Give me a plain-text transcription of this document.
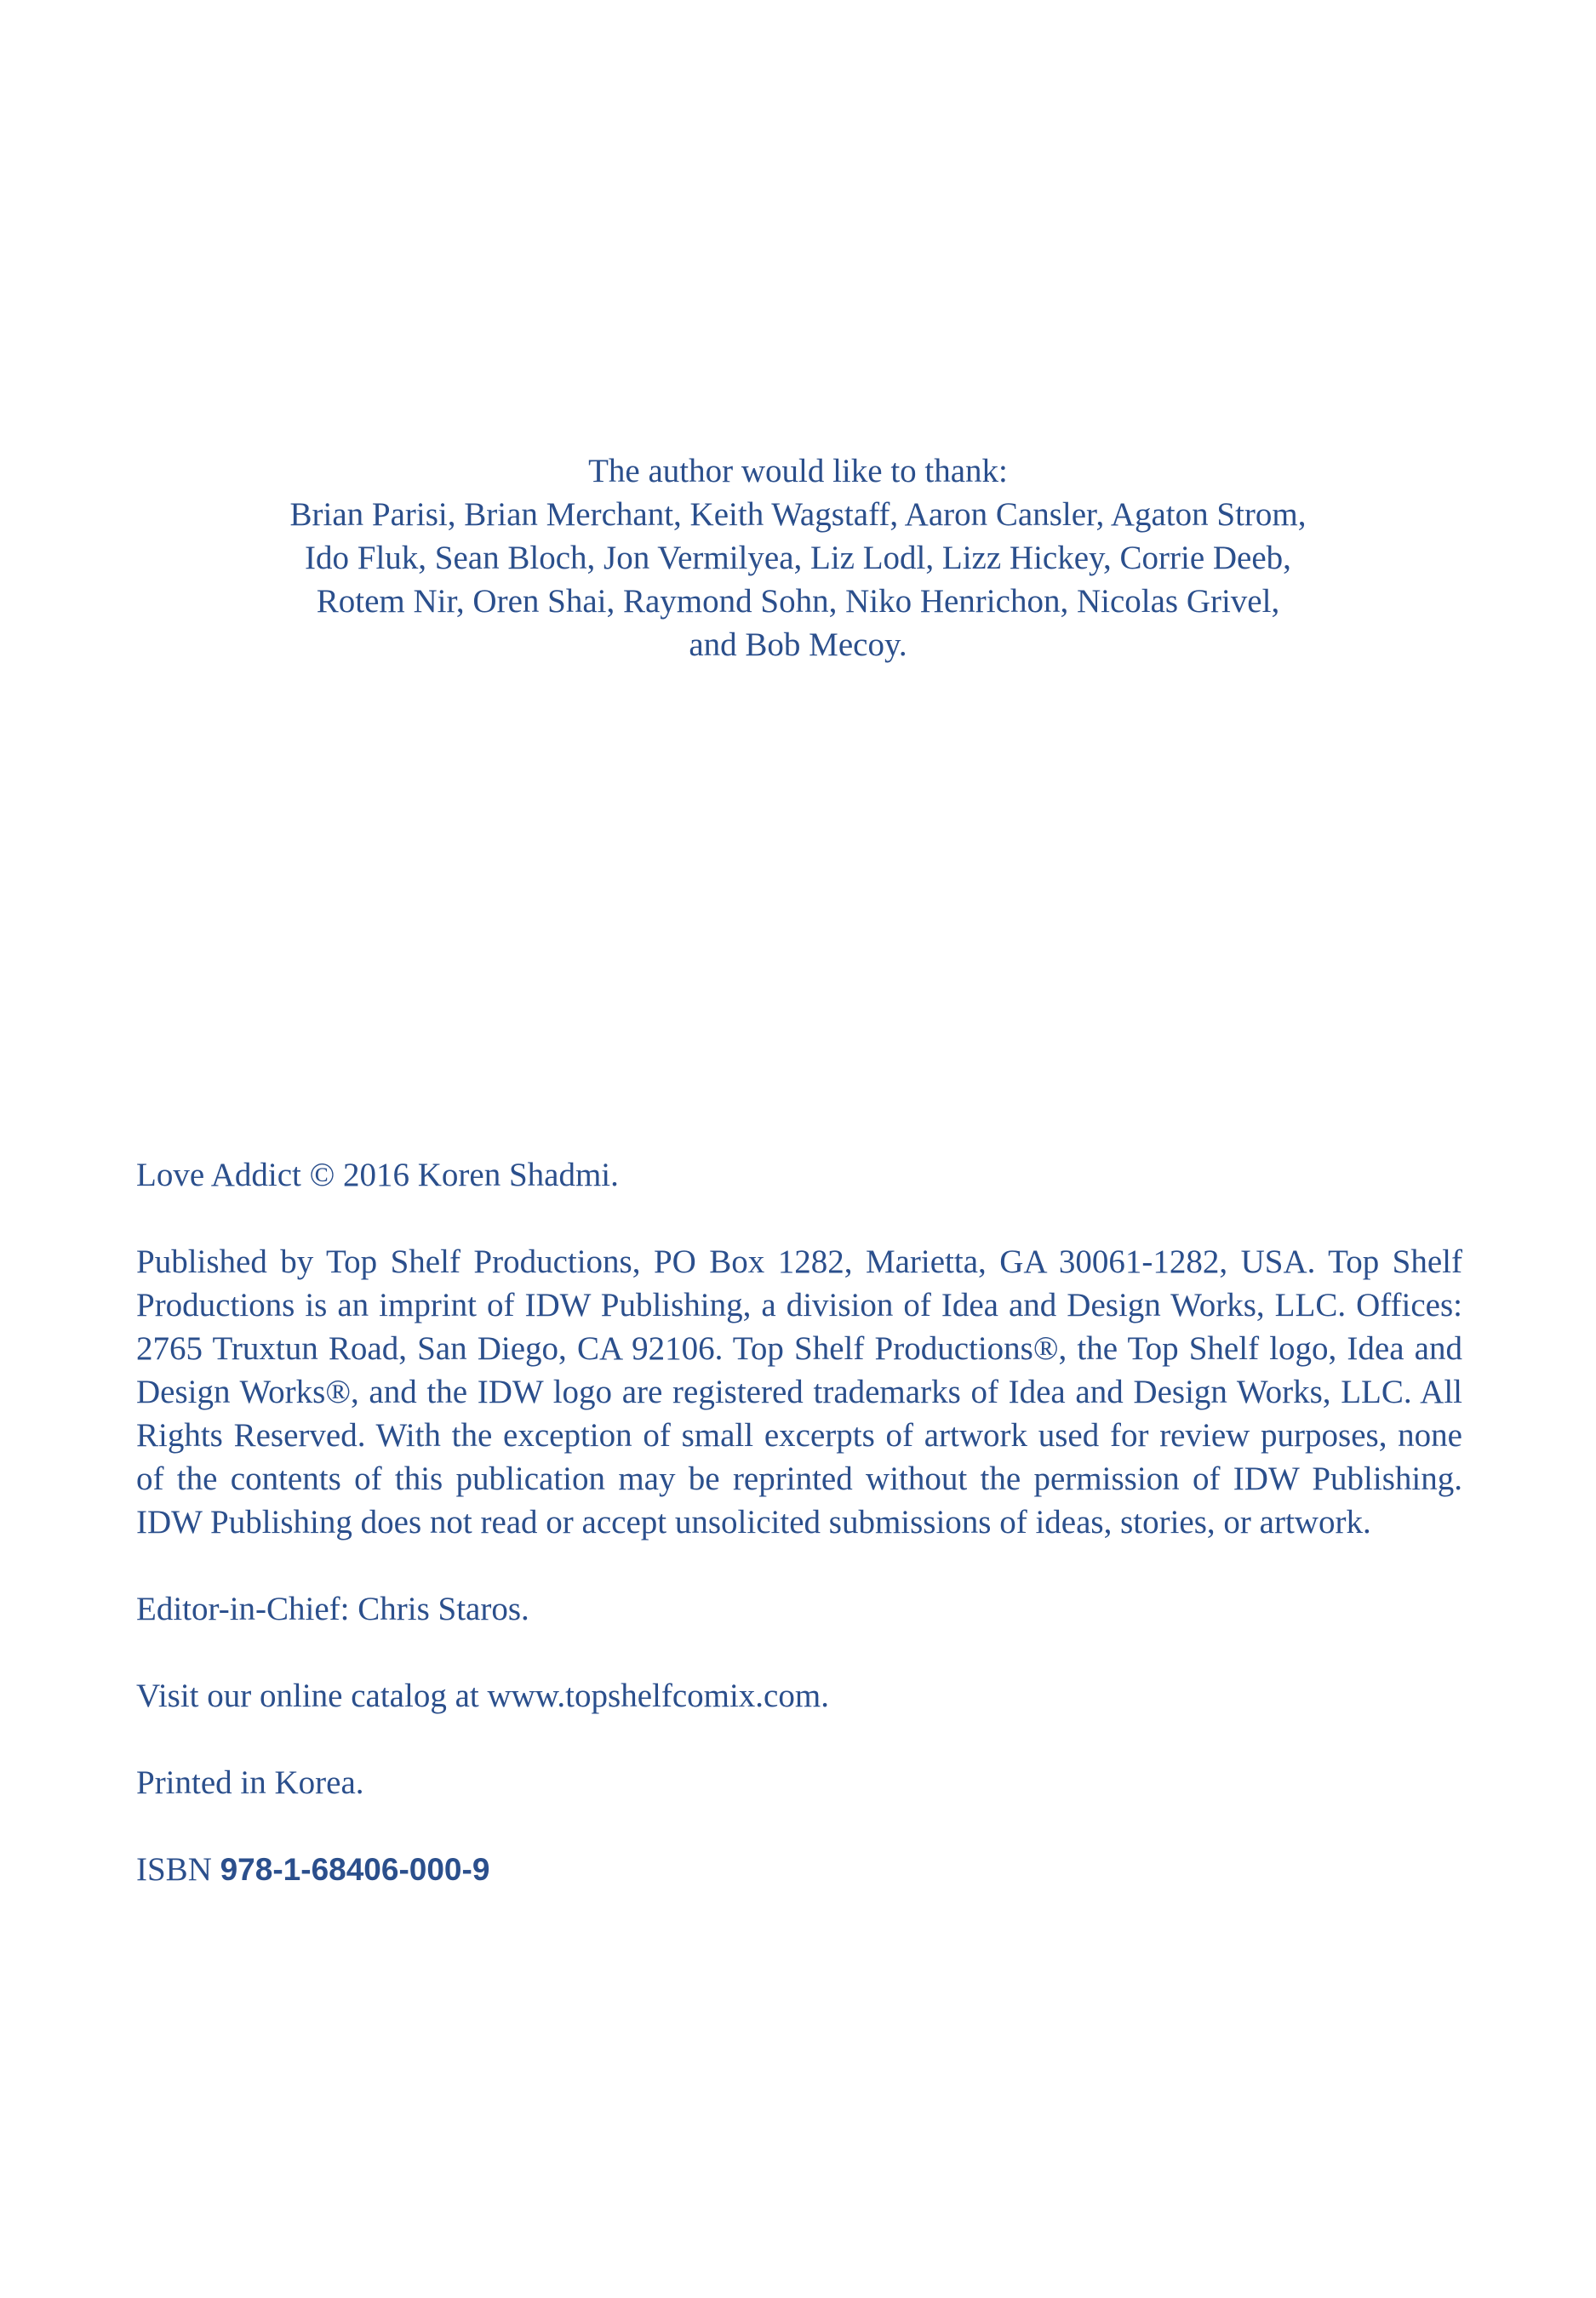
The author would like to thank:

Brian Parisi, Brian Merchant, Keith Wagstaff, Aaron Cansler, Agaton Strom,

Ido Fluk, Sean Bloch, Jon Vermilyea, Liz Lodl, Lizz Hickey, Corrie Deeb,

Rotem Nir, Oren Shai, Raymond Sohn, Niko Henrichon, Nicolas Grivel,

and Bob Mecoy.

Love Addict © 2016 Koren Shadmi.

Published by Top Shelf Productions, PO Box 1282, Marietta, GA 30061-1282, USA. Top Shelf Productions is an imprint of IDW Publishing, a division of Idea and Design Works, LLC. Offices: 2765 Truxtun Road, San Diego, CA 92106. Top Shelf Productions®, the Top Shelf logo, Idea and Design Works®, and the IDW logo are registered trademarks of Idea and Design Works, LLC. All Rights Reserved. With the exception of small excerpts of artwork used for review purposes, none of the contents of this publication may be reprinted without the permission of IDW Publishing. IDW Publishing does not read or accept unsolicited submissions of ideas, stories, or artwork.

Editor-in-Chief: Chris Staros.

Visit our online catalog at www.topshelfcomix.com.

Printed in Korea.

ISBN 978-1-68406-000-9
